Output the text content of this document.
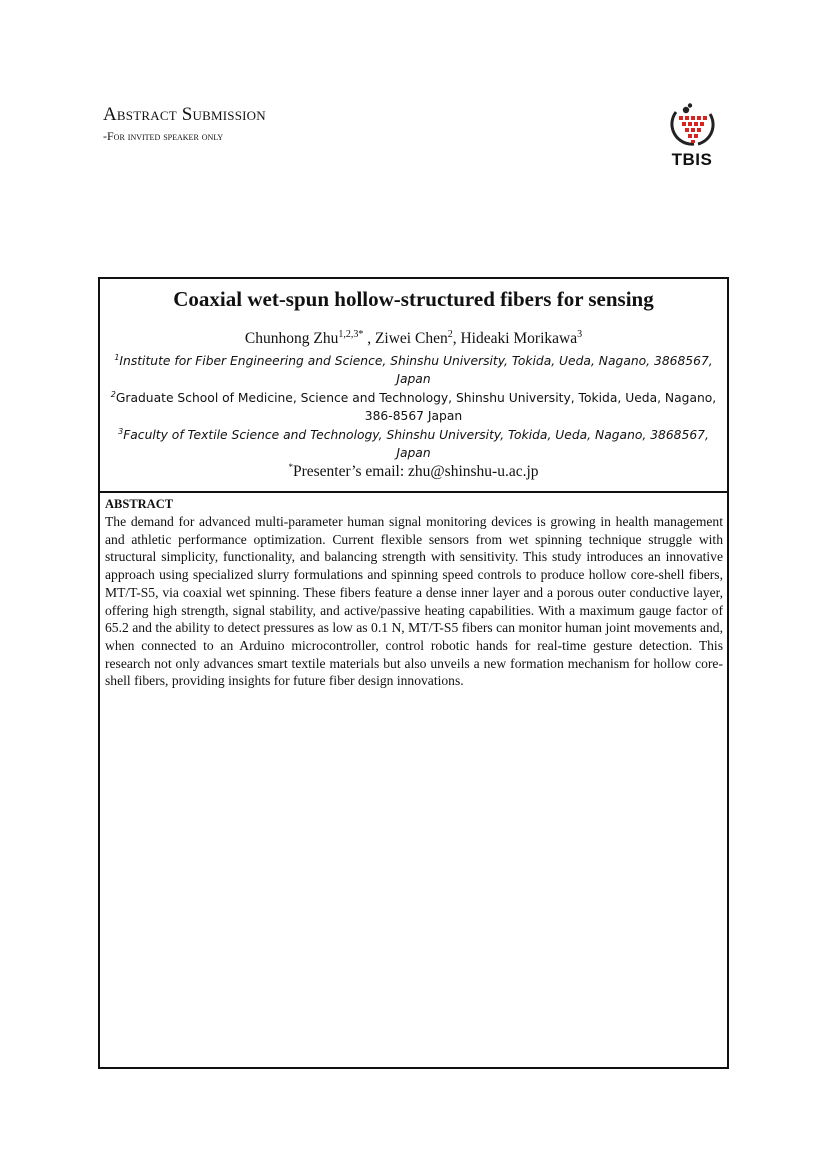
Abstract Submission
-For invited speaker only
TBIS
Coaxial wet-spun hollow-structured fibers for sensing
Chunhong Zhu$^{1,2,3*}$ , Ziwei Chen$^2$, Hideaki Morikawa$^3$
$^1$Institute for Fiber Engineering and Science, Shinshu University, Tokida, Ueda, Nagano, 3868567, Japan
$^2$Graduate School of Medicine, Science and Technology, Shinshu University, Tokida, Ueda, Nagano, 386-8567 Japan
$^3$Faculty of Textile Science and Technology, Shinshu University, Tokida, Ueda, Nagano, 3868567, Japan
*Presenter’s email: zhu@shinshu-u.ac.jp
ABSTRACT
The demand for advanced multi-parameter human signal monitoring devices is growing in health management and athletic performance optimization. Current flexible sensors from wet spinning technique struggle with structural simplicity, functionality, and balancing strength with sensitivity. This study introduces an innovative approach using specialized slurry formulations and spinning speed controls to produce hollow core-shell fibers, MT/T-S5, via coaxial wet spinning. These fibers feature a dense inner layer and a porous outer conductive layer, offering high strength, signal stability, and active/passive heating capabilities. With a maximum gauge factor of 65.2 and the ability to detect pressures as low as 0.1 N, MT/T-S5 fibers can monitor human joint movements and, when connected to an Arduino microcontroller, control robotic hands for real-time gesture detection. This research not only advances smart textile materials but also unveils a new formation mechanism for hollow core-shell fibers, providing insights for future fiber design innovations.
